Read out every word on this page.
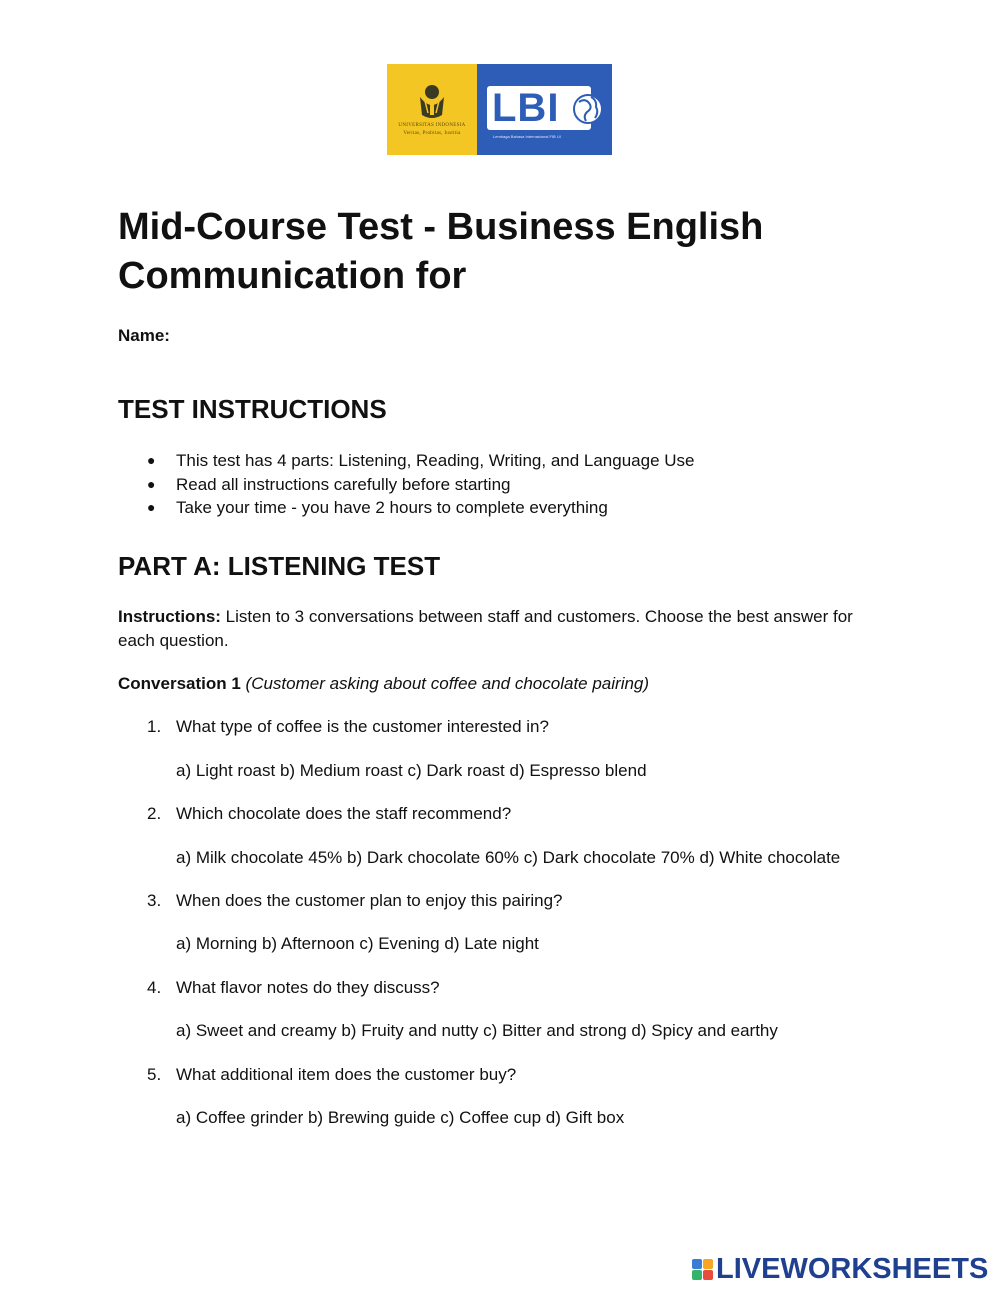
UNIVERSITAS INDONESIA
Veritas, Probitas, Iustitia
LBI
Lembaga Bahasa Internasional FIB UI
Mid-Course Test - Business English Communication for

Name:

TEST INSTRUCTIONS
● This test has 4 parts: Listening, Reading, Writing, and Language Use
● Read all instructions carefully before starting
● Take your time - you have 2 hours to complete everything
PART A: LISTENING TEST

Instructions: Listen to 3 conversations between staff and customers. Choose the best answer for each question.

Conversation 1 (Customer asking about coffee and chocolate pairing)

1. What type of coffee is the customer interested in?

a) Light roast b) Medium roast c) Dark roast d) Espresso blend

2. Which chocolate does the staff recommend?

a) Milk chocolate 45% b) Dark chocolate 60% c) Dark chocolate 70% d) White chocolate

3. When does the customer plan to enjoy this pairing?

a) Morning b) Afternoon c) Evening d) Late night

4. What flavor notes do they discuss?

a) Sweet and creamy b) Fruity and nutty c) Bitter and strong d) Spicy and earthy

5. What additional item does the customer buy?

a) Coffee grinder b) Brewing guide c) Coffee cup d) Gift box

LIVEWORKSHEETS
